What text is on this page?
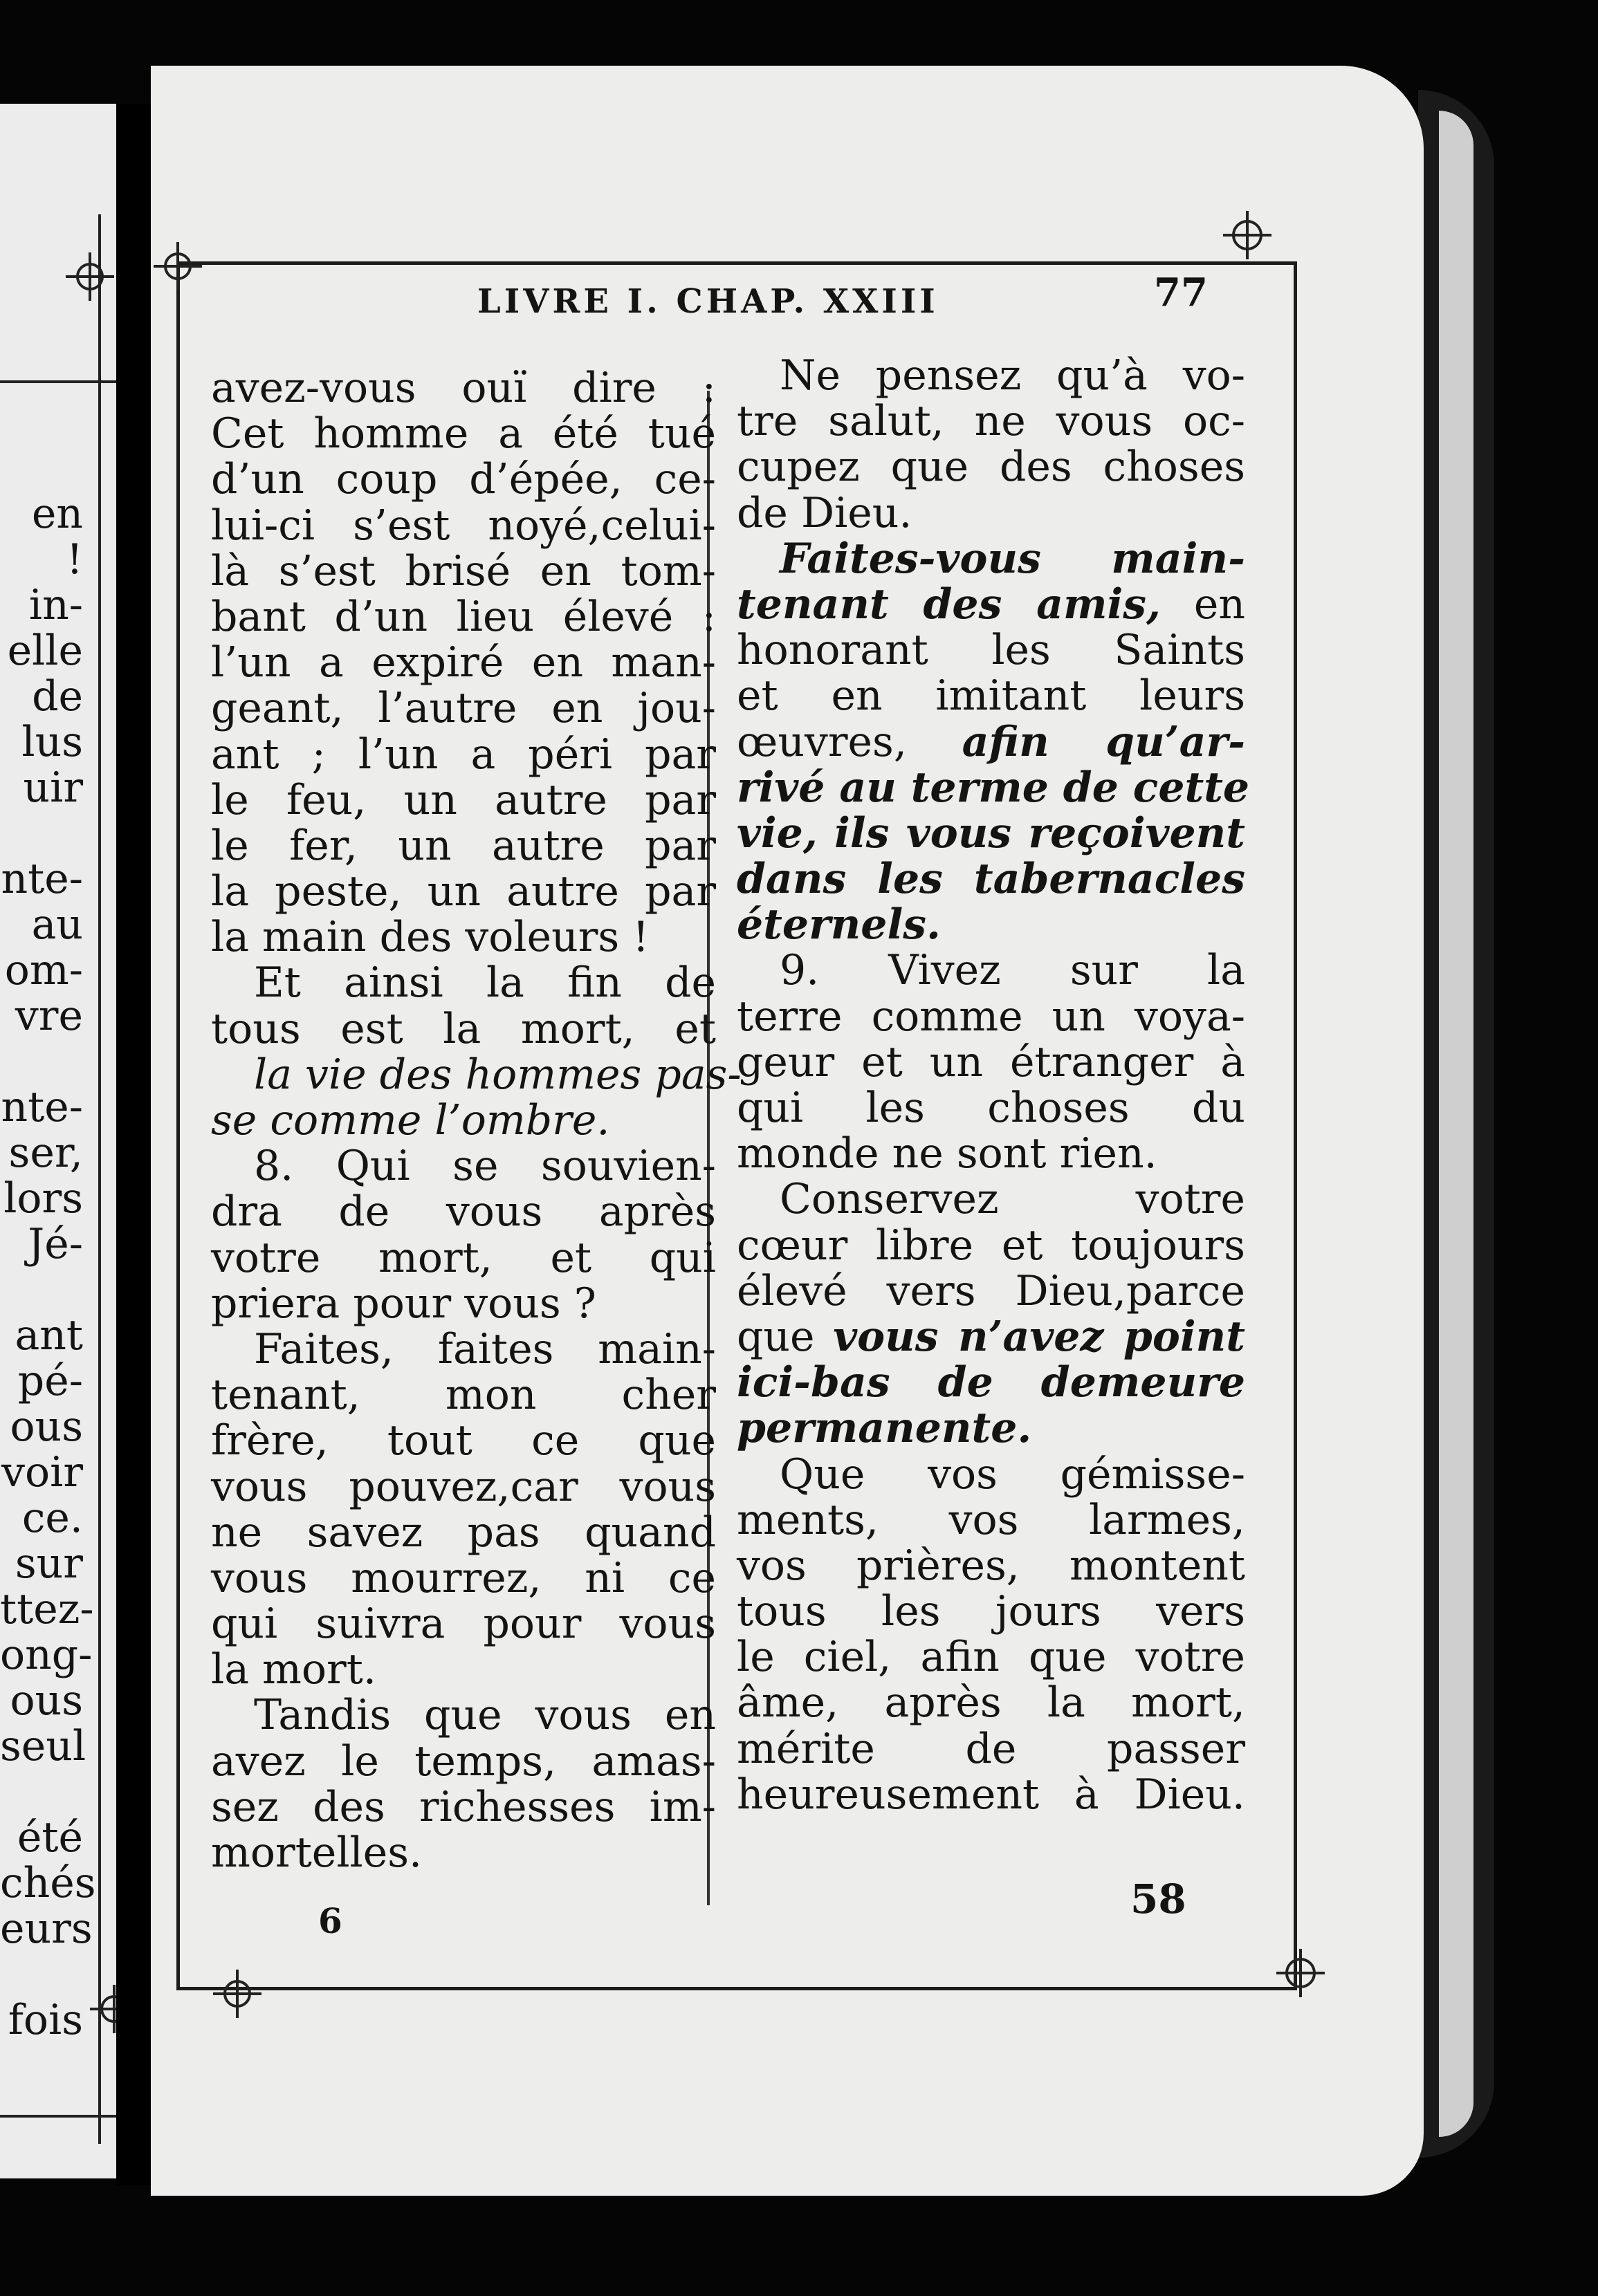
en
!
in-
elle
de
lus
uir
nte-
au
om-
vre
nte-
ser,
lors
Jé-
ant
pé-
ous
voir
ce.
sur
ttez-
ong-
ous
seul
été
chés
eurs
fois
LIVRE I. CHAP. XXIII	77
avez-vous ouï dire :
Cet homme a été tué
d’un coup d’épée, ce-
lui-ci s’est noyé,celui-
là s’est brisé en tom-
bant d’un lieu élevé :
l’un a expiré en man-
geant, l’autre en jou-
ant ; l’un a péri par
le feu, un autre par
le fer, un autre par
la peste, un autre par
la main des voleurs !
Et ainsi la fin de
tous est la mort, et
la vie des hommes pas-
se comme l’ombre.
8. Qui se souvien-
dra de vous après
votre mort, et qui
priera pour vous ?
Faites, faites main-
tenant, mon cher
frère, tout ce que
vous pouvez,car vous
ne savez pas quand
vous mourrez, ni ce
qui suivra pour vous
la mort.
Tandis que vous en
avez le temps, amas-
sez des richesses im-
mortelles.
Ne pensez qu’à vo-
tre salut, ne vous oc-
cupez que des choses
de Dieu.
Faites-vous main-
tenant des amis, en
honorant les Saints
et en imitant leurs
œuvres, afin qu’ar-
rivé au terme de cette
vie, ils vous reçoivent
dans les tabernacles
éternels.
9. Vivez sur la
terre comme un voya-
geur et un étranger à
qui les choses du
monde ne sont rien.
Conservez votre
cœur libre et toujours
élevé vers Dieu,parce
que vous n’avez point
ici-bas de demeure
permanente.
Que vos gémisse-
ments, vos larmes,
vos prières, montent
tous les jours vers
le ciel, afin que votre
âme, après la mort,
mérite de passer
heureusement à Dieu.
6	58
